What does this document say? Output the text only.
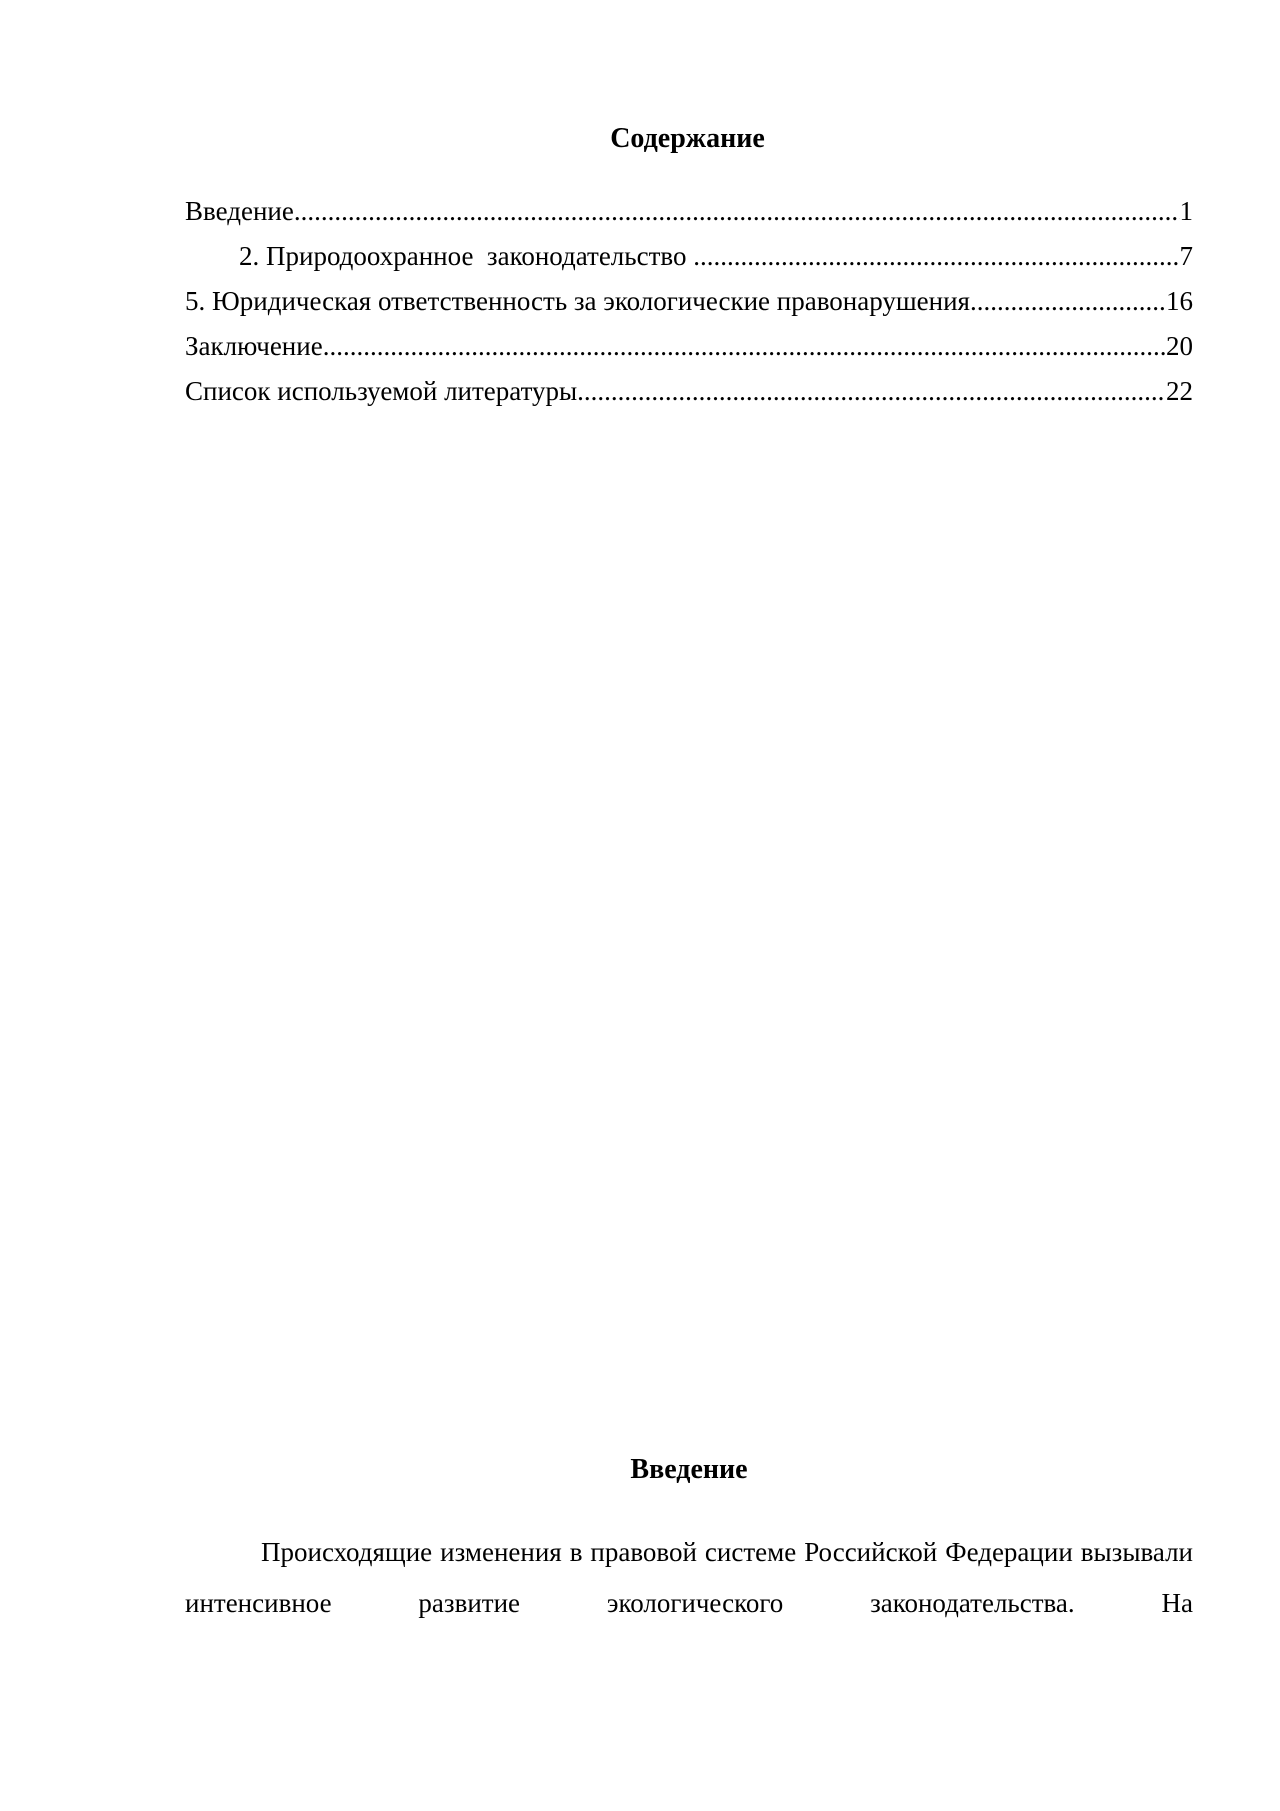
Содержание
Введение .....	1
2. Природоохранное  законодательство .....	7
5. Юридическая ответственность за экологические правонарушения .....	16
Заключение .....	20
Список используемой литературы .....	22
Введение

Происходящие изменения в правовой системе Российской Федерации вызывали интенсивное развитие экологического законодательства. На
